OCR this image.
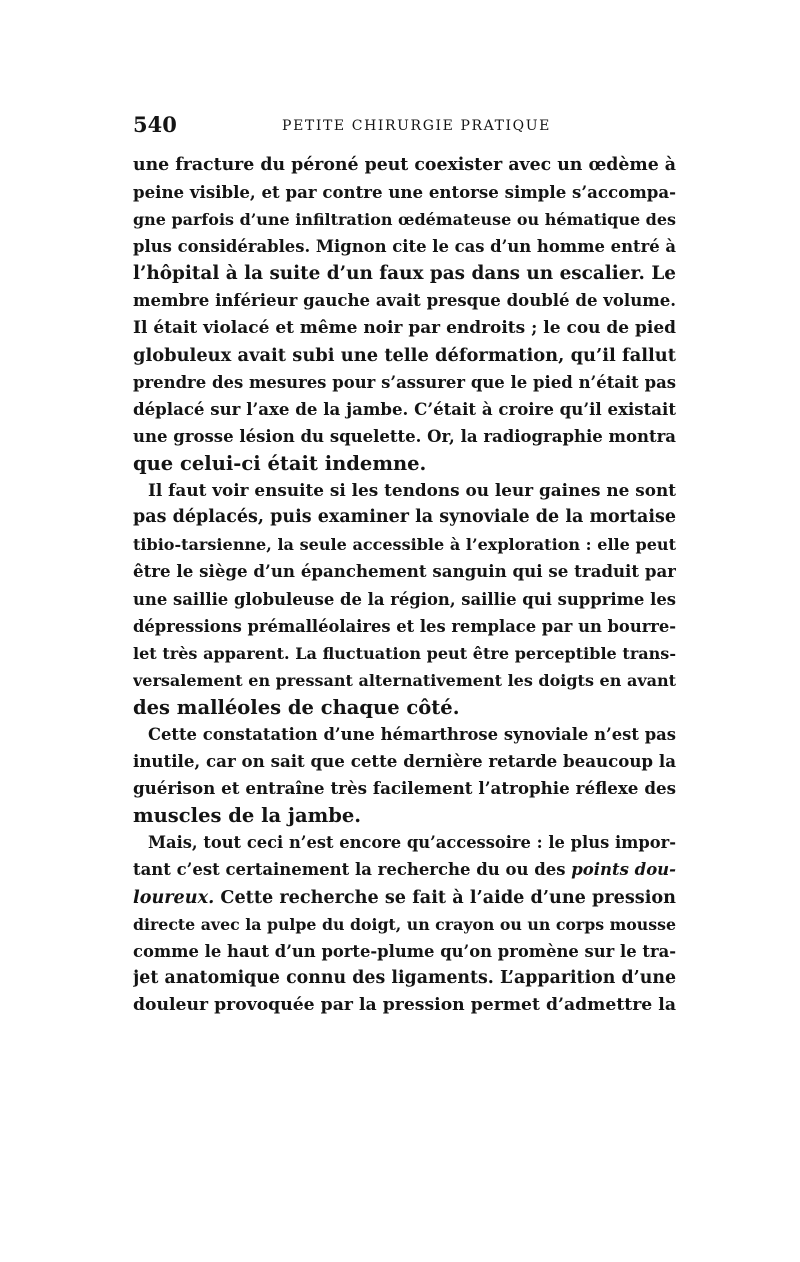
540	PETITE CHIRURGIE PRATIQUE
une fracture du péroné peut coexister avec un œdème à
peine visible, et par contre une entorse simple s’accompa-
gne parfois d’une infiltration œdémateuse ou hématique des
plus considérables. Mignon cite le cas d’un homme entré à
l’hôpital à la suite d’un faux pas dans un escalier. Le
membre inférieur gauche avait presque doublé de volume.
Il était violacé et même noir par endroits ; le cou de pied
globuleux avait subi une telle déformation, qu’il fallut
prendre des mesures pour s’assurer que le pied n’était pas
déplacé sur l’axe de la jambe. C’était à croire qu’il existait
une grosse lésion du squelette. Or, la radiographie montra
que celui-ci était indemne.
Il faut voir ensuite si les tendons ou leur gaines ne sont
pas déplacés, puis examiner la synoviale de la mortaise
tibio-tarsienne, la seule accessible à l’exploration : elle peut
être le siège d’un épanchement sanguin qui se traduit par
une saillie globuleuse de la région, saillie qui supprime les
dépressions prémalléolaires et les remplace par un bourre-
let très apparent. La fluctuation peut être perceptible trans-
versalement en pressant alternativement les doigts en avant
des malléoles de chaque côté.
Cette constatation d’une hémarthrose synoviale n’est pas
inutile, car on sait que cette dernière retarde beaucoup la
guérison et entraîne très facilement l’atrophie réflexe des
muscles de la jambe.
Mais, tout ceci n’est encore qu’accessoire : le plus impor-
tant c’est certainement la recherche du ou des points dou-
loureux. Cette recherche se fait à l’aide d’une pression
directe avec la pulpe du doigt, un crayon ou un corps mousse
comme le haut d’un porte-plume qu’on promène sur le tra-
jet anatomique connu des ligaments. L’apparition d’une
douleur provoquée par la pression permet d’admettre la
